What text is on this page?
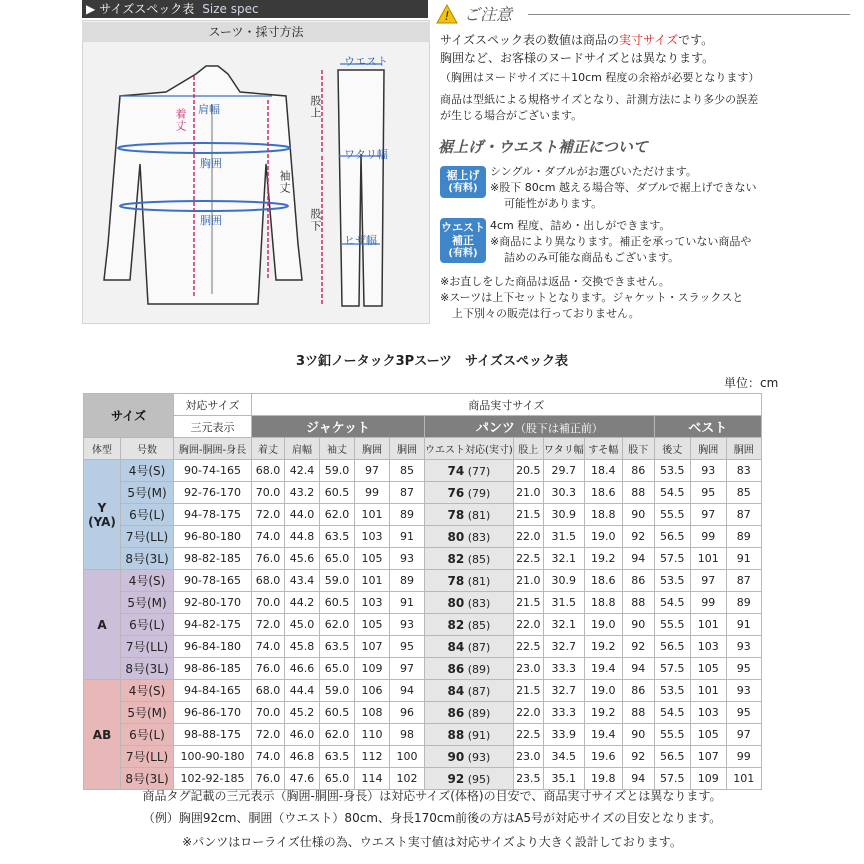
▶ サイズスペック表 Size spec
スーツ・採寸方法
肩幅
着丈
胸囲
胴囲
袖丈
股上
股下
ウエスト
ワタリ幅
ヒザ幅
! ご注意
サイズスペック表の数値は商品の実寸サイズです。
胸囲など、お客様のヌードサイズとは異なります。
（胸囲はヌードサイズに＋10cm 程度の余裕が必要となります）
商品は型紙による規格サイズとなり、計測方法により多少の誤差
が生じる場合がございます。
裾上げ・ウエスト補正について
裾上げ
(有料)
シングル・ダブルがお選びいただけます。
※股下 80cm 越える場合等、ダブルで裾上げできない
可能性があります。
ウエスト
補正
(有料)
4cm 程度、詰め・出しができます。
※商品により異なります。補正を承っていない商品や
詰めのみ可能な商品もございます。
※お直しをした商品は返品・交換できません。
※スーツは上下セットとなります。ジャケット・スラックスと
上下別々の販売は行っておりません。
3ツ釦ノータック3Pスーツ　サイズスペック表
単位：cm
サイズ		対応サイズ	商品実寸サイズ												
		三元表示	ジャケット					パンツ（股下は補正前）					ベスト		
体型	号数	胸囲-胴囲-身長	着丈	肩幅	袖丈	胸囲	胴囲	ウエスト対応(実寸)	股上	ワタリ幅	すそ幅	股下	後丈	胸囲	胴囲
Y
(YA)	4号(S)	90-74-165	68.0	42.4	59.0	97	85	74 (77)	20.5	29.7	18.4	86	53.5	93	83
	5号(M)	92-76-170	70.0	43.2	60.5	99	87	76 (79)	21.0	30.3	18.6	88	54.5	95	85
	6号(L)	94-78-175	72.0	44.0	62.0	101	89	78 (81)	21.5	30.9	18.8	90	55.5	97	87
	7号(LL)	96-80-180	74.0	44.8	63.5	103	91	80 (83)	22.0	31.5	19.0	92	56.5	99	89
	8号(3L)	98-82-185	76.0	45.6	65.0	105	93	82 (85)	22.5	32.1	19.2	94	57.5	101	91
A	4号(S)	90-78-165	68.0	43.4	59.0	101	89	78 (81)	21.0	30.9	18.6	86	53.5	97	87
	5号(M)	92-80-170	70.0	44.2	60.5	103	91	80 (83)	21.5	31.5	18.8	88	54.5	99	89
	6号(L)	94-82-175	72.0	45.0	62.0	105	93	82 (85)	22.0	32.1	19.0	90	55.5	101	91
	7号(LL)	96-84-180	74.0	45.8	63.5	107	95	84 (87)	22.5	32.7	19.2	92	56.5	103	93
	8号(3L)	98-86-185	76.0	46.6	65.0	109	97	86 (89)	23.0	33.3	19.4	94	57.5	105	95
AB	4号(S)	94-84-165	68.0	44.4	59.0	106	94	84 (87)	21.5	32.7	19.0	86	53.5	101	93
	5号(M)	96-86-170	70.0	45.2	60.5	108	96	86 (89)	22.0	33.3	19.2	88	54.5	103	95
	6号(L)	98-88-175	72.0	46.0	62.0	110	98	88 (91)	22.5	33.9	19.4	90	55.5	105	97
	7号(LL)	100-90-180	74.0	46.8	63.5	112	100	90 (93)	23.0	34.5	19.6	92	56.5	107	99
	8号(3L)	102-92-185	76.0	47.6	65.0	114	102	92 (95)	23.5	35.1	19.8	94	57.5	109	101
商品タグ記載の三元表示（胸囲-胴囲-身長）は対応サイズ(体格)の目安で、商品実寸サイズとは異なります。
（例）胸囲92cm、胴囲（ウエスト）80cm、身長170cm前後の方はA5号が対応サイズの目安となります。
※パンツはローライズ仕様の為、ウエスト実寸値は対応サイズより大きく設計しております。
